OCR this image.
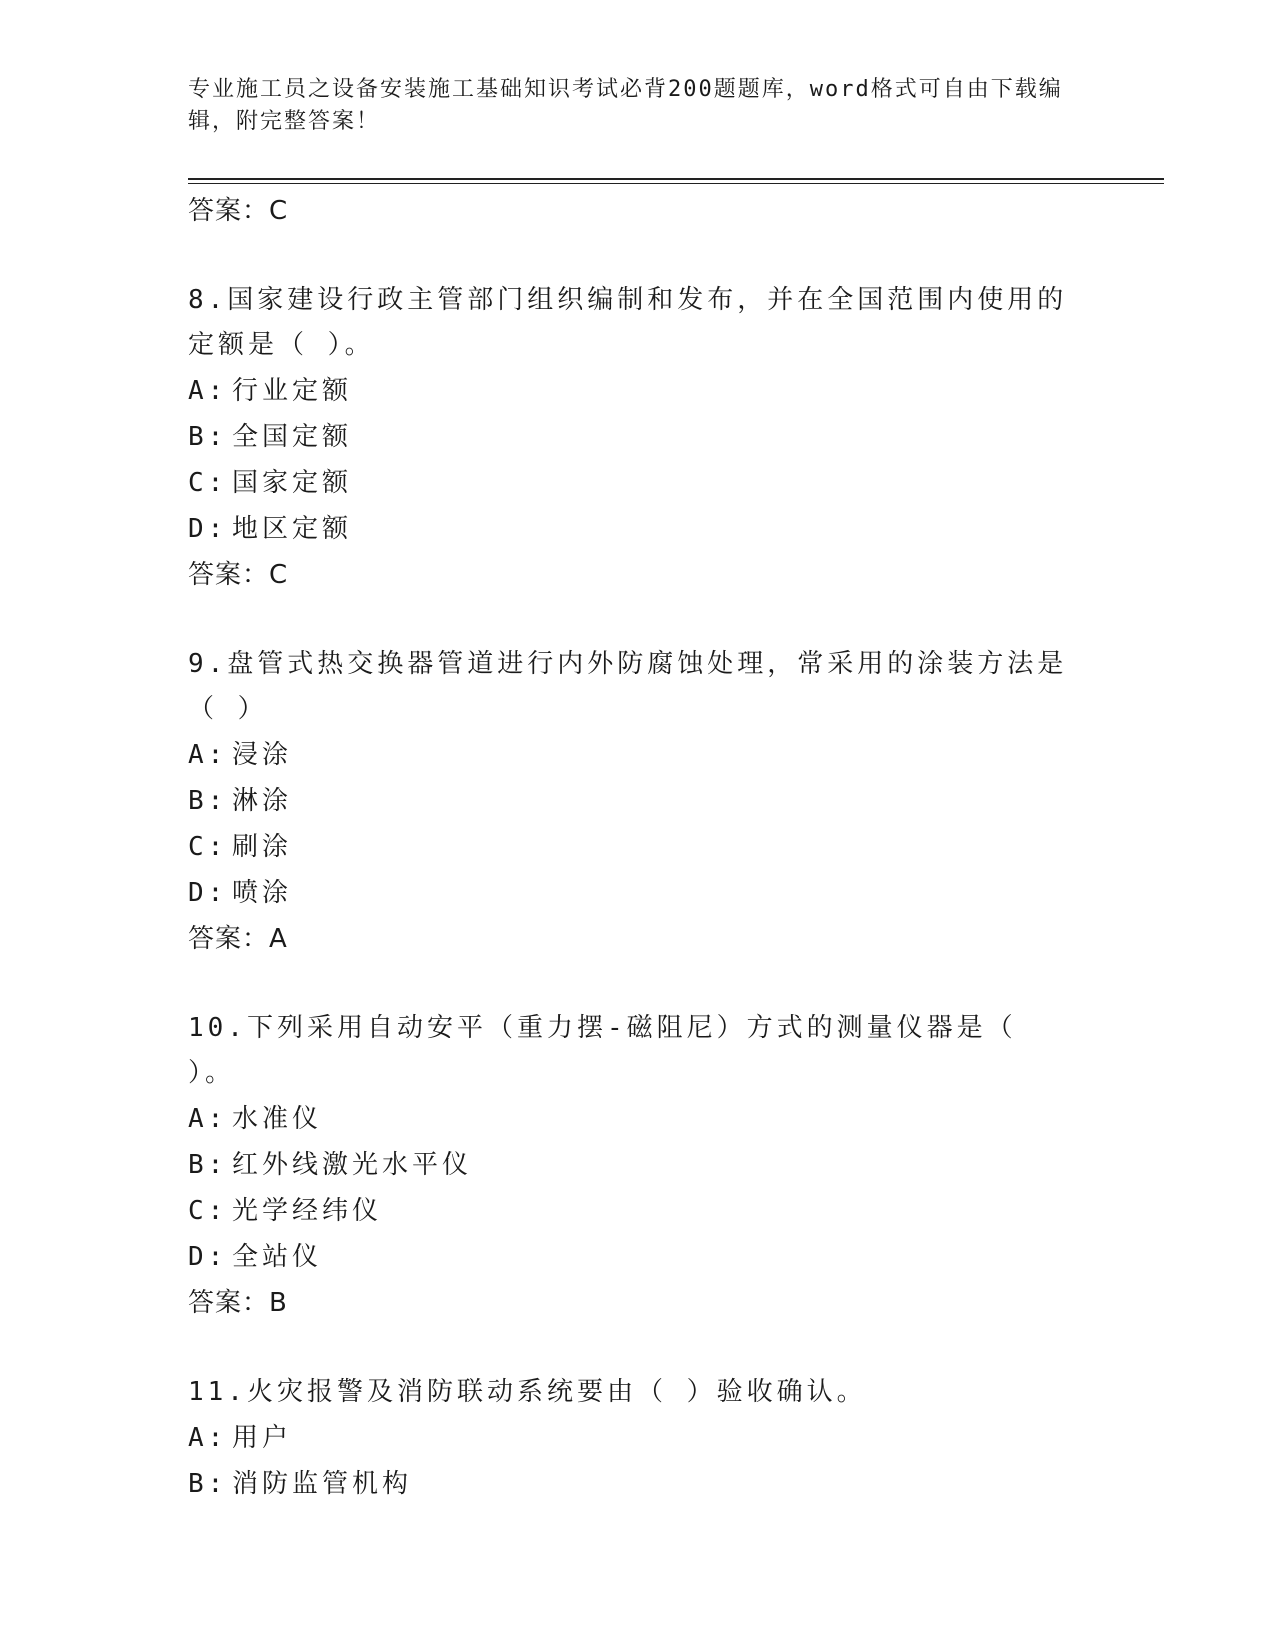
专业施工员之设备安装施工基础知识考试必背200题题库，word格式可自由下载编辑，附完整答案！
答案：C
8.国家建设行政主管部门组织编制和发布，并在全国范围内使用的定额是（ ）。
A: 行业定额
B: 全国定额
C: 国家定额
D: 地区定额
答案：C
9.盘管式热交换器管道进行内外防腐蚀处理，常采用的涂装方法是（ ）
A: 浸涂
B: 淋涂
C: 刷涂
D: 喷涂
答案：A
10.下列采用自动安平（重力摆-磁阻尼）方式的测量仪器是（ ）。
A: 水准仪
B: 红外线激光水平仪
C: 光学经纬仪
D: 全站仪
答案：B
11.火灾报警及消防联动系统要由（ ）验收确认。
A: 用户
B: 消防监管机构
